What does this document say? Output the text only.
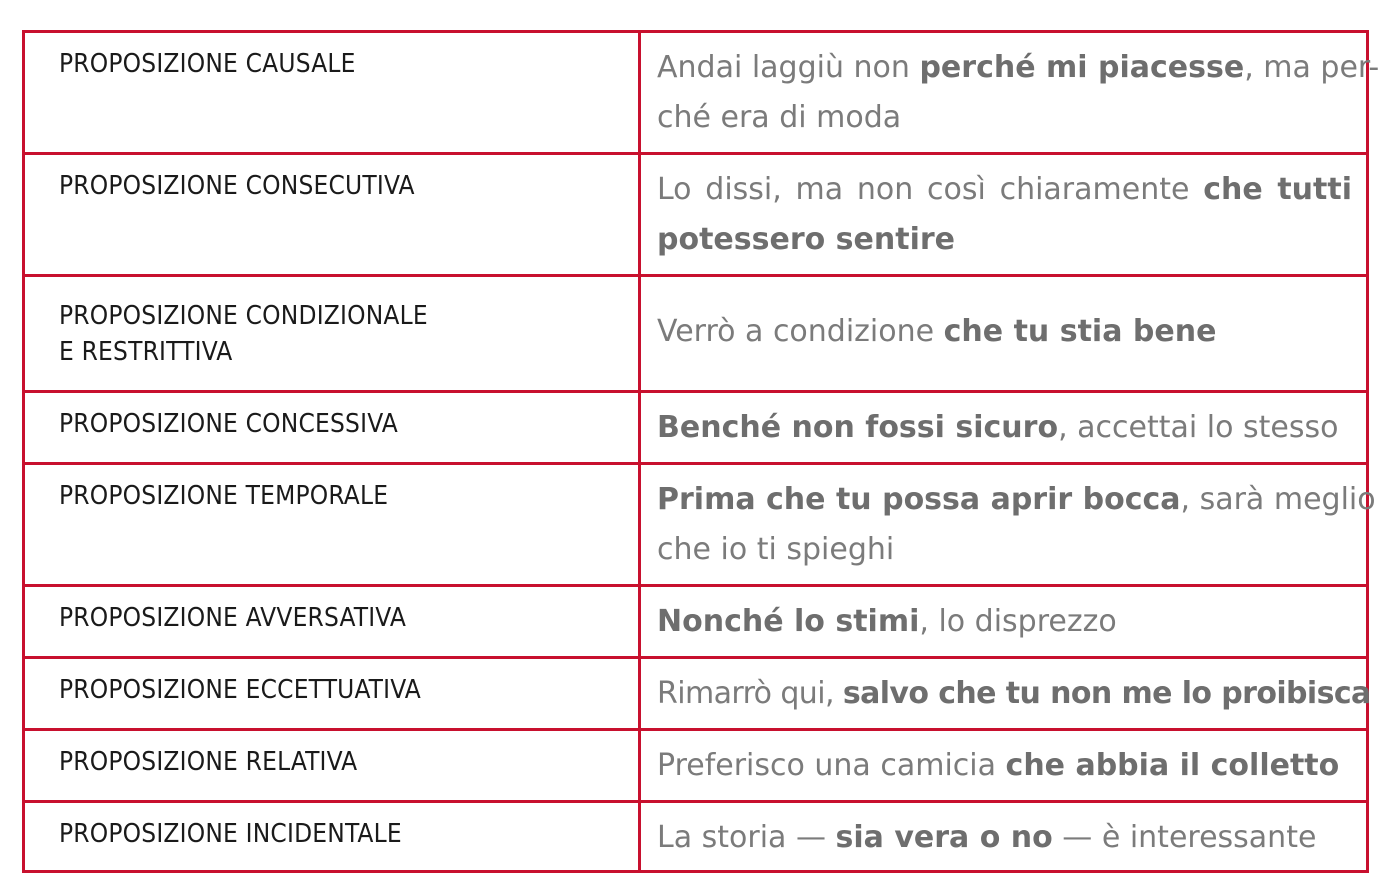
PROPOSIZIONE CAUSALE	Andai laggiù non perché mi piacesse, ma per-
ché era di moda

PROPOSIZIONE CONSECUTIVA	Lo dissi, ma non così chiaramente che tutti
potessero sentire

PROPOSIZIONE CONDIZIONALE
E RESTRITTIVA	Verrò a condizione che tu stia bene

PROPOSIZIONE CONCESSIVA	Benché non fossi sicuro, accettai lo stesso

PROPOSIZIONE TEMPORALE	Prima che tu possa aprir bocca, sarà meglio
che io ti spieghi

PROPOSIZIONE AVVERSATIVA	Nonché lo stimi, lo disprezzo

PROPOSIZIONE ECCETTUATIVA	Rimarrò qui, salvo che tu non me lo proibisca

PROPOSIZIONE RELATIVA	Preferisco una camicia che abbia il colletto

PROPOSIZIONE INCIDENTALE	La storia — sia vera o no — è interessante
